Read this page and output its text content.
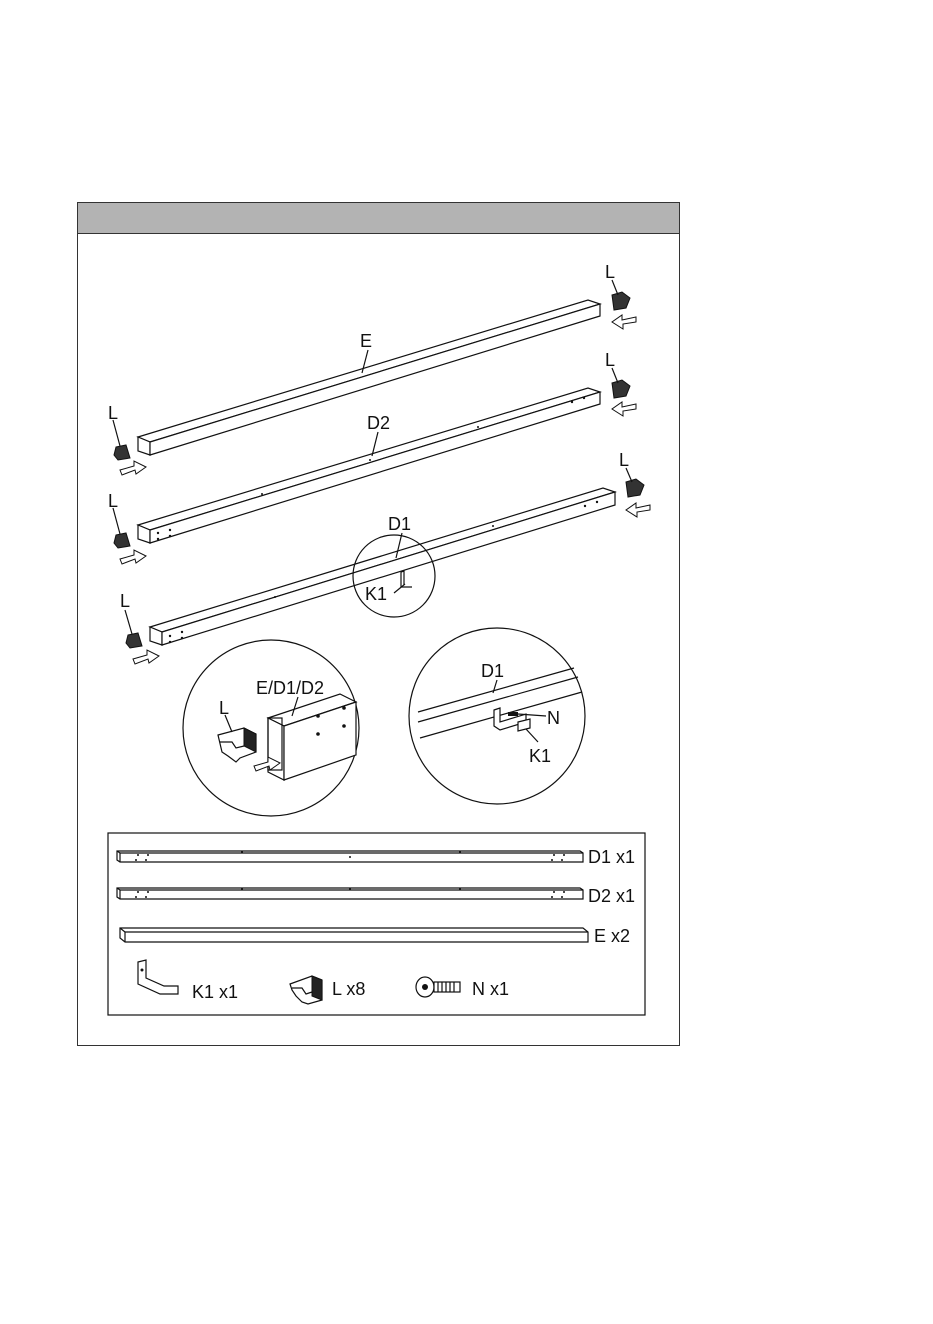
E
D2
D1
K1
L
L
L
L
L
L
E/D1/D2
L
D1
N
K1
D1 x1
D2 x1
E x2
K1 x1	L x8	N x1
